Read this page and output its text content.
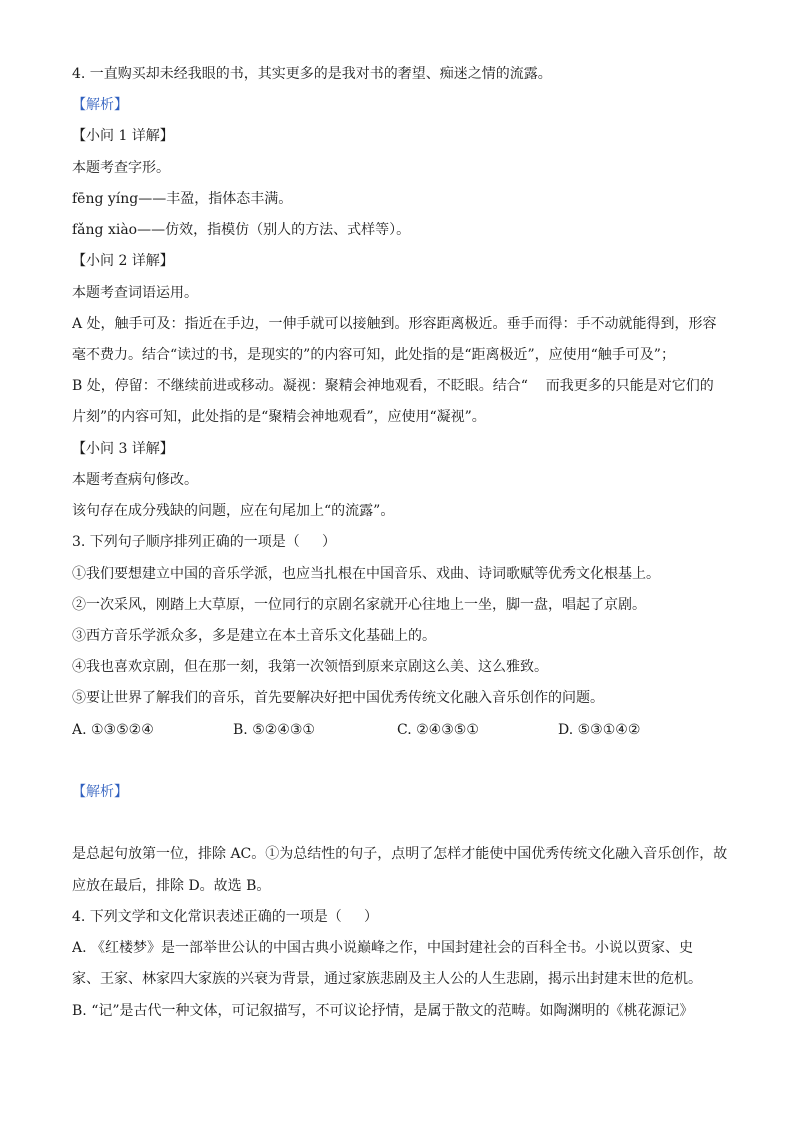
4. 一直购买却未经我眼的书，其实更多的是我对书的奢望、痴迷之情的流露。
【解析】
【小问 1 详解】
本题考查字形。
fēng yíng——丰盈，指体态丰满。
fǎng xiào——仿效，指模仿（别人的方法、式样等）。
【小问 2 详解】
本题考查词语运用。
A 处，触手可及：指近在手边，一伸手就可以接触到。形容距离极近。垂手而得：手不动就能得到，形容
毫不费力。结合“读过的书，是现实的”的内容可知，此处指的是“距离极近”，应使用“触手可及”；
B 处，停留：不继续前进或移动。凝视：聚精会神地观看，不眨眼。结合“    而我更多的只能是对它们的
片刻”的内容可知，此处指的是“聚精会神地观看”，应使用“凝视”。
【小问 3 详解】
本题考查病句修改。
该句存在成分残缺的问题，应在句尾加上“的流露”。
3. 下列句子顺序排列正确的一项是（     ）
①我们要想建立中国的音乐学派，也应当扎根在中国音乐、戏曲、诗词歌赋等优秀文化根基上。
②一次采风，刚踏上大草原，一位同行的京剧名家就开心往地上一坐，脚一盘，唱起了京剧。
③西方音乐学派众多，多是建立在本土音乐文化基础上的。
④我也喜欢京剧，但在那一刻，我第一次领悟到原来京剧这么美、这么雅致。
⑤要让世界了解我们的音乐，首先要解决好把中国优秀传统文化融入音乐创作的问题。
A. ①③⑤②④	B. ⑤②④③①	C. ②④③⑤①	D. ⑤③①④②

【解析】

是总起句放第一位，排除 AC。①为总结性的句子，点明了怎样才能使中国优秀传统文化融入音乐创作，故
应放在最后，排除 D。故选 B。
4. 下列文学和文化常识表述正确的一项是（     ）
A. 《红楼梦》是一部举世公认的中国古典小说巅峰之作，中国封建社会的百科全书。小说以贾家、史
家、王家、林家四大家族的兴衰为背景，通过家族悲剧及主人公的人生悲剧，揭示出封建末世的危机。
B. “记”是古代一种文体，可记叙描写，不可议论抒情，是属于散文的范畴。如陶渊明的《桃花源记》
